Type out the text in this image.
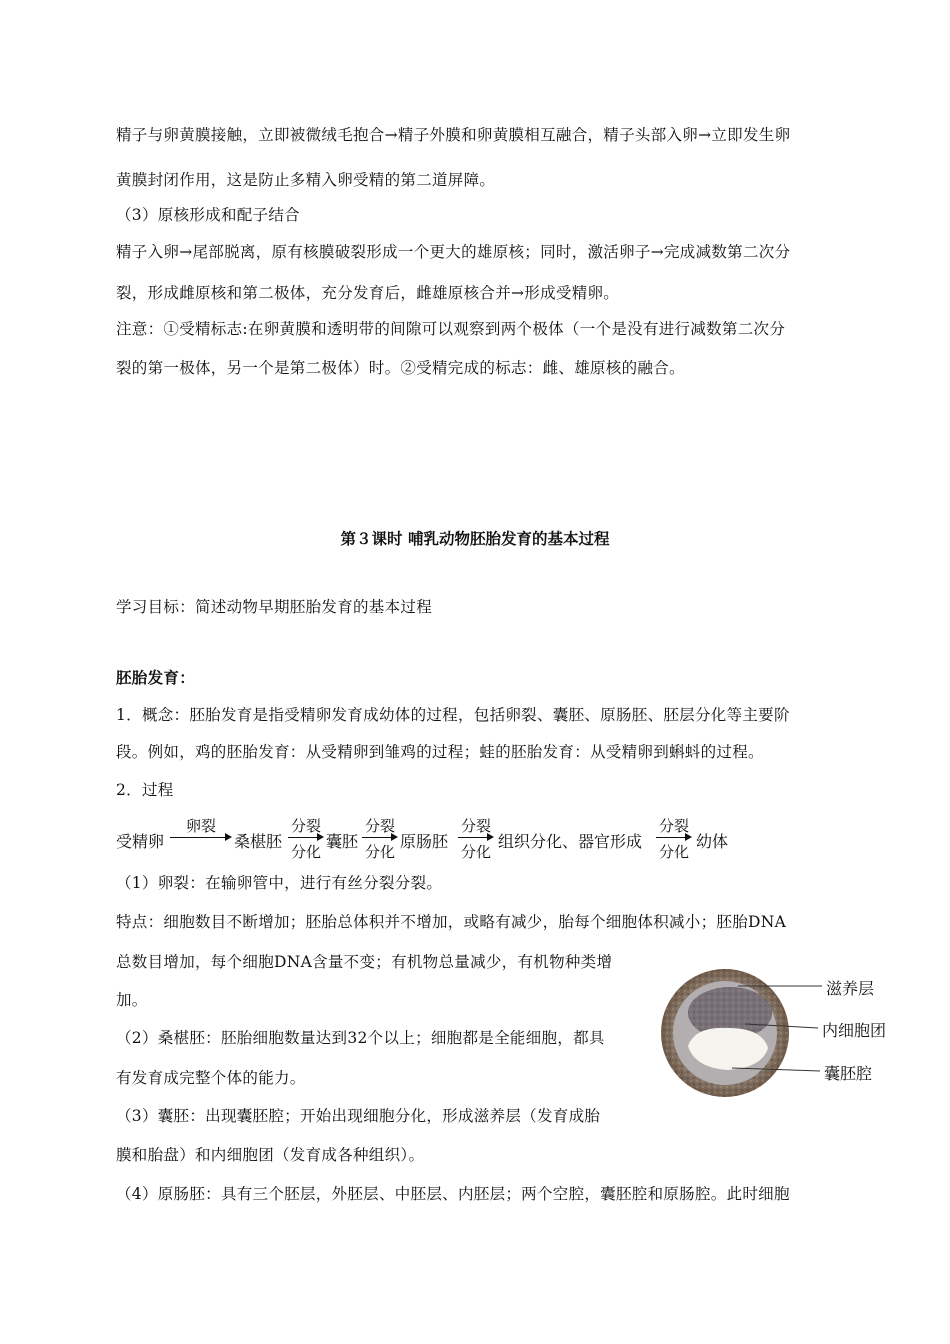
精子与卵黄膜接触，立即被微绒毛抱合→精子外膜和卵黄膜相互融合，精子头部入卵→立即发生卵
黄膜封闭作用，这是防止多精入卵受精的第二道屏障。
（3）原核形成和配子结合
精子入卵→尾部脱离，原有核膜破裂形成一个更大的雄原核；同时，激活卵子→完成减数第二次分
裂，形成雌原核和第二极体，充分发育后，雌雄原核合并→形成受精卵。
注意：①受精标志:在卵黄膜和透明带的间隙可以观察到两个极体（一个是没有进行减数第二次分
裂的第一极体，另一个是第二极体）时。②受精完成的标志：雌、雄原核的融合。
第３课时 哺乳动物胚胎发育的基本过程
学习目标：简述动物早期胚胎发育的基本过程
胚胎发育：
1．概念：胚胎发育是指受精卵发育成幼体的过程，包括卵裂、囊胚、原肠胚、胚层分化等主要阶
段。例如，鸡的胚胎发育：从受精卵到雏鸡的过程；蛙的胚胎发育：从受精卵到蝌蚪的过程。
2．过程
受精卵
卵裂
桑椹胚
分裂
分化
囊胚
分裂
分化
原肠胚
分裂
分化
组织分化、器官形成
分裂
分化
幼体
（1）卵裂：在输卵管中，进行有丝分裂分裂。
特点：细胞数目不断增加；胚胎总体积并不增加，或略有减少，胎每个细胞体积减小；胚胎DNA
总数目增加，每个细胞DNA含量不变；有机物总量减少，有机物种类增
加。
（2）桑椹胚：胚胎细胞数量达到32个以上；细胞都是全能细胞，都具
有发育成完整个体的能力。
（3）囊胚：出现囊胚腔；开始出现细胞分化，形成滋养层（发育成胎
膜和胎盘）和内细胞团（发育成各种组织）。
（4）原肠胚：具有三个胚层，外胚层、中胚层、内胚层；两个空腔，囊胚腔和原肠腔。此时细胞
滋养层
内细胞团
囊胚腔
